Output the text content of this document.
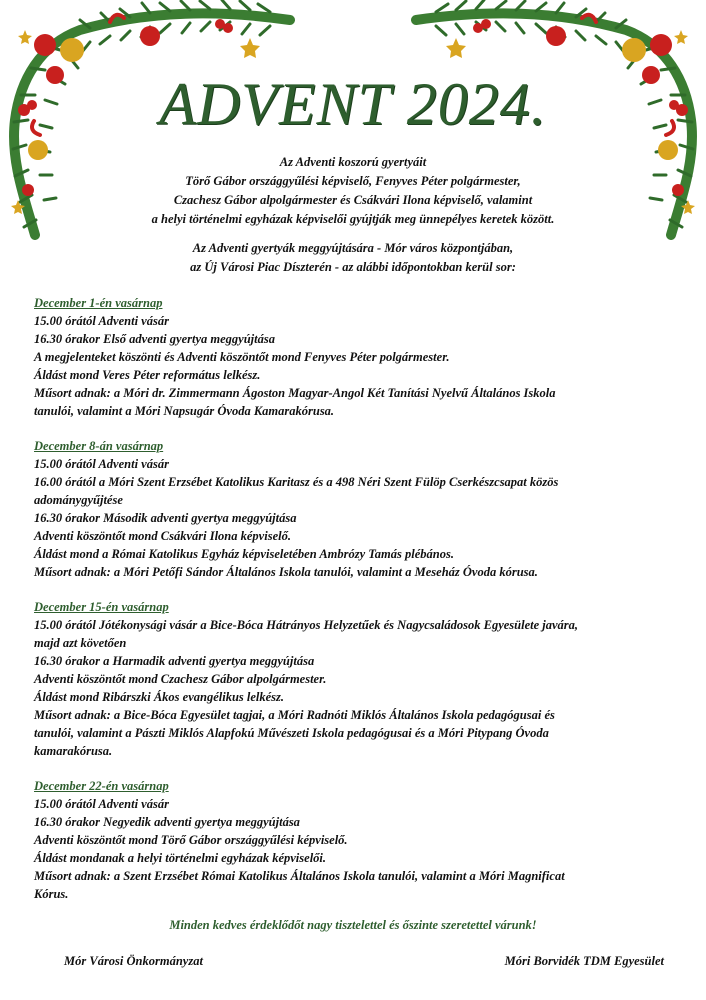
ADVENT 2024.
Az Adventi koszorú gyertyáit
Törő Gábor országgyűlési képviselő, Fenyves Péter polgármester,
Czachesz Gábor alpolgármester és Csákvári Ilona képviselő, valamint
a helyi történelmi egyházak képviselői gyújtják meg ünnepélyes keretek között.
Az Adventi gyertyák meggyújtására - Mór város központjában,
az Új Városi Piac Díszterén - az alábbi időpontokban kerül sor:
December 1-én vasárnap
15.00 órától Adventi vásár
16.30 órakor Első adventi gyertya meggyújtása
A megjelenteket köszönti és Adventi köszöntőt mond Fenyves Péter polgármester.
Áldást mond Veres Péter református lelkész.
Műsort adnak: a Móri dr. Zimmermann Ágoston Magyar-Angol Két Tanítási Nyelvű Általános Iskola
tanulói, valamint a Móri Napsugár Óvoda Kamarakórusa.
December 8-án vasárnap
15.00 órától Adventi vásár
16.00 órától a Móri Szent Erzsébet Katolikus Karitasz és a 498 Néri Szent Fülöp Cserkészcsapat közös
adománygyűjtése
16.30 órakor Második adventi gyertya meggyújtása
Adventi köszöntőt mond Csákvári Ilona képviselő.
Áldást mond a Római Katolikus Egyház képviseletében Ambrózy Tamás plébános.
Műsort adnak: a Móri Petőfi Sándor Általános Iskola tanulói, valamint a Meseház Óvoda kórusa.
December 15-én vasárnap
15.00 órától Jótékonysági vásár a Bice-Bóca Hátrányos Helyzetűek és Nagycsaládosok Egyesülete javára,
majd azt követően
16.30 órakor a Harmadik adventi gyertya meggyújtása
Adventi köszöntőt mond Czachesz Gábor alpolgármester.
Áldást mond Ribárszki Ákos evangélikus lelkész.
Műsort adnak: a Bice-Bóca Egyesület tagjai, a Móri Radnóti Miklós Általános Iskola pedagógusai és
tanulói, valamint a Pászti Miklós Alapfokú Művészeti Iskola pedagógusai és a Móri Pitypang Óvoda
kamarakórusa.
December 22-én vasárnap
15.00 órától Adventi vásár
16.30 órakor Negyedik adventi gyertya meggyújtása
Adventi köszöntőt mond Törő Gábor országgyűlési képviselő.
Áldást mondanak a helyi történelmi egyházak képviselői.
Műsort adnak: a Szent Erzsébet Római Katolikus Általános Iskola tanulói, valamint a Móri Magnificat
Kórus.

Minden kedves érdeklődőt nagy tisztelettel és őszinte szeretettel várunk!

Mór Városi Önkormányzat	Móri Borvidék TDM Egyesület
